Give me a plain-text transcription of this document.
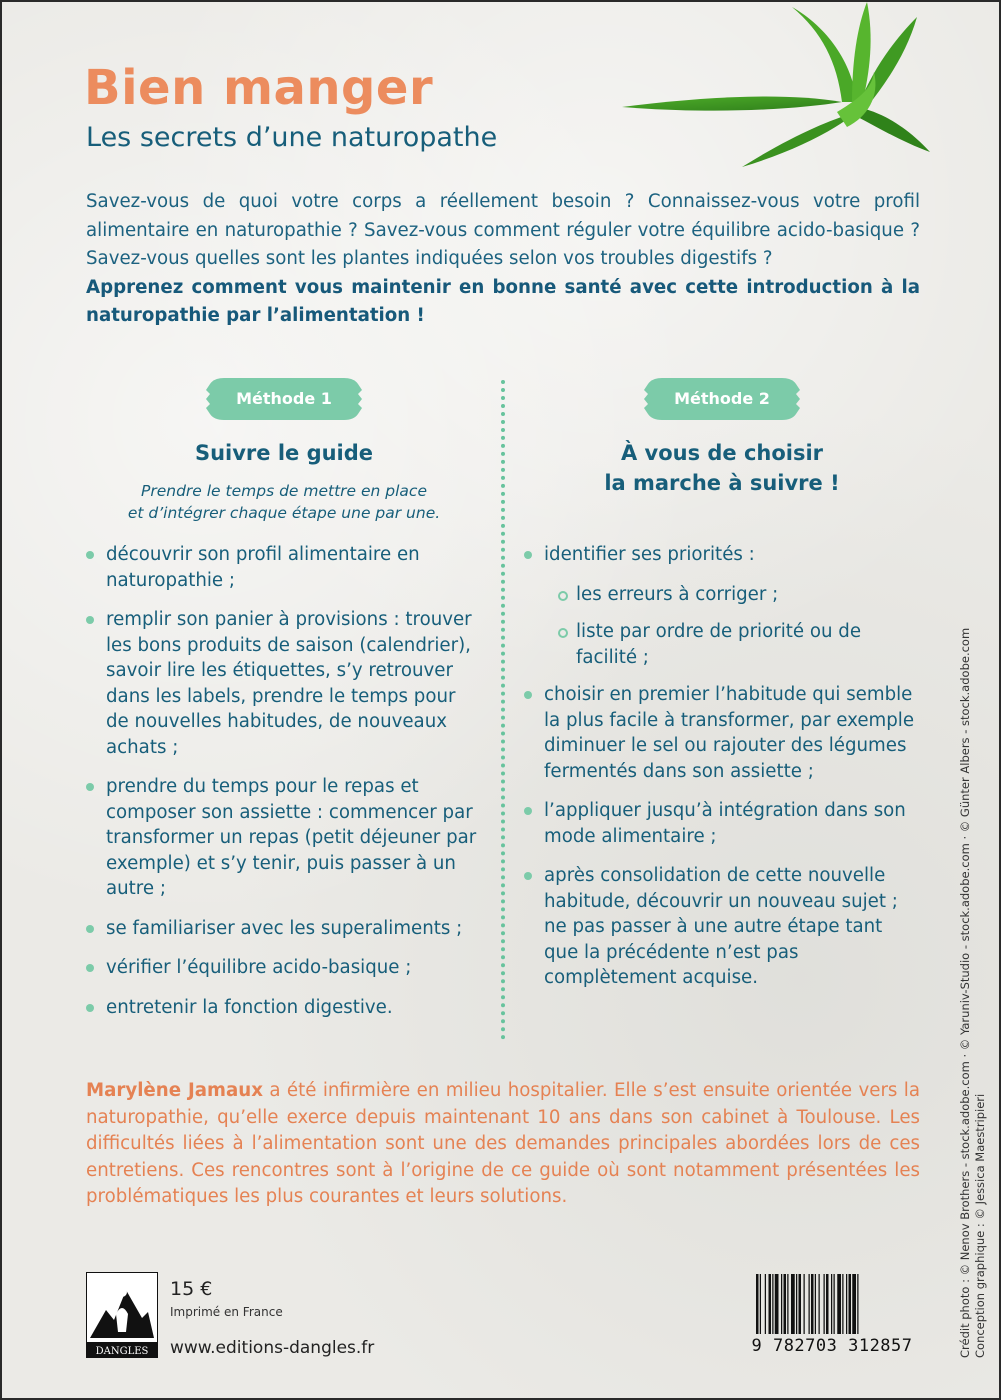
Bien manger
Les secrets d’une naturopathe
Savez-vous de quoi votre corps a réellement besoin ? Connaissez-vous votre profil alimentaire en naturopathie ? Savez-vous comment réguler votre équilibre acido-basique ? Savez-vous quelles sont les plantes indiquées selon vos troubles digestifs ?
Apprenez comment vous maintenir en bonne santé avec cette introduction à la naturopathie par l’alimentation !
Méthode 1
Suivre le guide
Prendre le temps de mettre en place
et d’intégrer chaque étape une par une.
découvrir son profil alimentaire en naturopathie ;
remplir son panier à provisions : trouver les bons produits de saison (calendrier), savoir lire les étiquettes, s’y retrouver dans les labels, prendre le temps pour de nouvelles habitudes, de nouveaux achats ;
prendre du temps pour le repas et composer son assiette : commencer par transformer un repas (petit déjeuner par exemple) et s’y tenir, puis passer à un autre ;
se familiariser avec les superaliments ;
vérifier l’équilibre acido-basique ;
entretenir la fonction digestive.
Méthode 2
À vous de choisir
la marche à suivre !
identifier ses priorités :
les erreurs à corriger ;
liste par ordre de priorité ou de facilité ;
choisir en premier l’habitude qui semble la plus facile à transformer, par exemple diminuer le sel ou rajouter des légumes fermentés dans son assiette ;
l’appliquer jusqu’à intégration dans son mode alimentaire ;
après consolidation de cette nouvelle habitude, découvrir un nouveau sujet ; ne pas passer à une autre étape tant que la précédente n’est pas complètement acquise.
Marylène Jamaux a été infirmière en milieu hospitalier. Elle s’est ensuite orientée vers la naturopathie, qu’elle exerce depuis maintenant 10 ans dans son cabinet à Toulouse. Les difficultés liées à l’alimentation sont une des demandes principales abordées lors de ces entretiens. Ces rencontres sont à l’origine de ce guide où sont notamment présentées les problématiques les plus courantes et leurs solutions.
DANGLES
15 €
Imprimé en France
www.editions-dangles.fr	9 782703 312857	Crédit photo : © Nenov Brothers - stock.adobe.com · © Yaruniv-Studio - stock.adobe.com · © Günter Albers - stock.adobe.com Conception graphique : © Jessica Maestripieri
